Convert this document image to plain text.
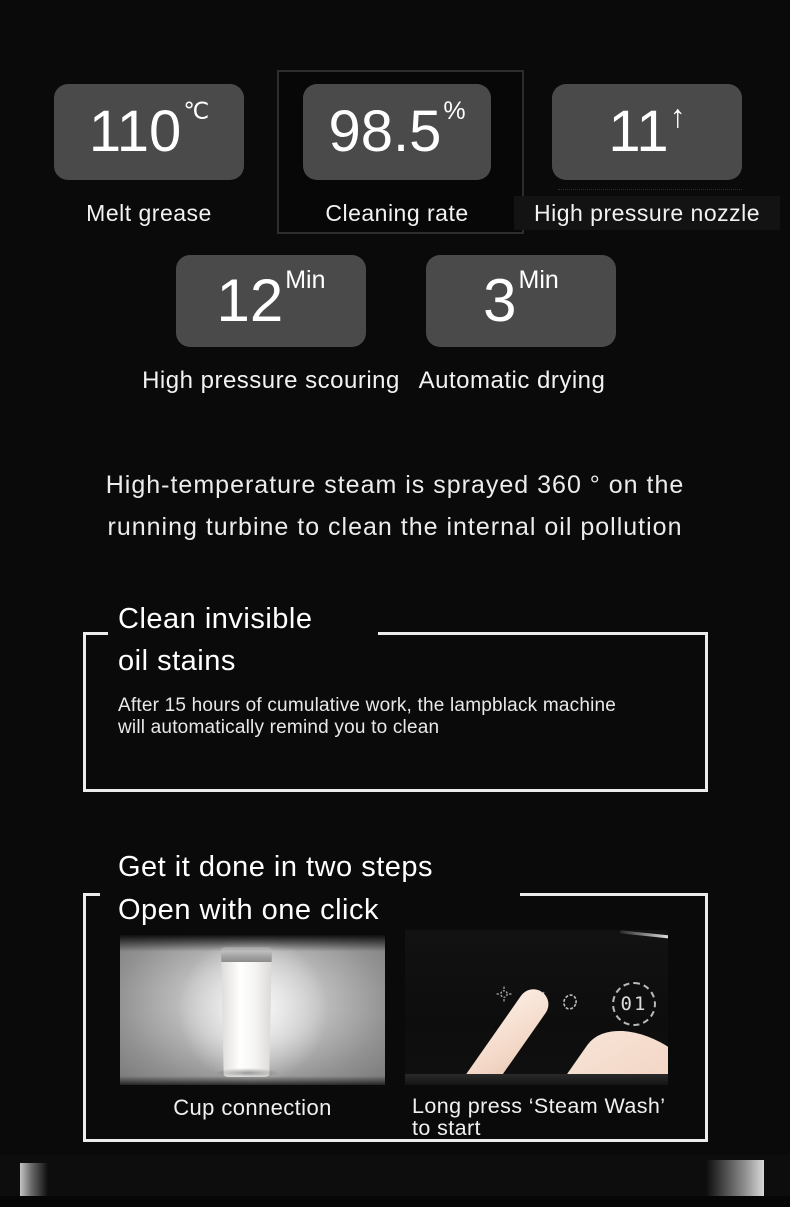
110 ℃ 98.5 % 11 ↑
Melt grease	Cleaning rate	High pressure nozzle
12 Min	3 Min
High pressure scouring Automatic drying
High-temperature steam is sprayed 360 ° on the
running turbine to clean the internal oil pollution
Clean invisible
oil stains
After 15 hours of cumulative work, the lampblack machine
will automatically remind you to clean
Get it done in two steps
Open with one click
01
Cup connection	Long press ‘Steam Wash’
to start
